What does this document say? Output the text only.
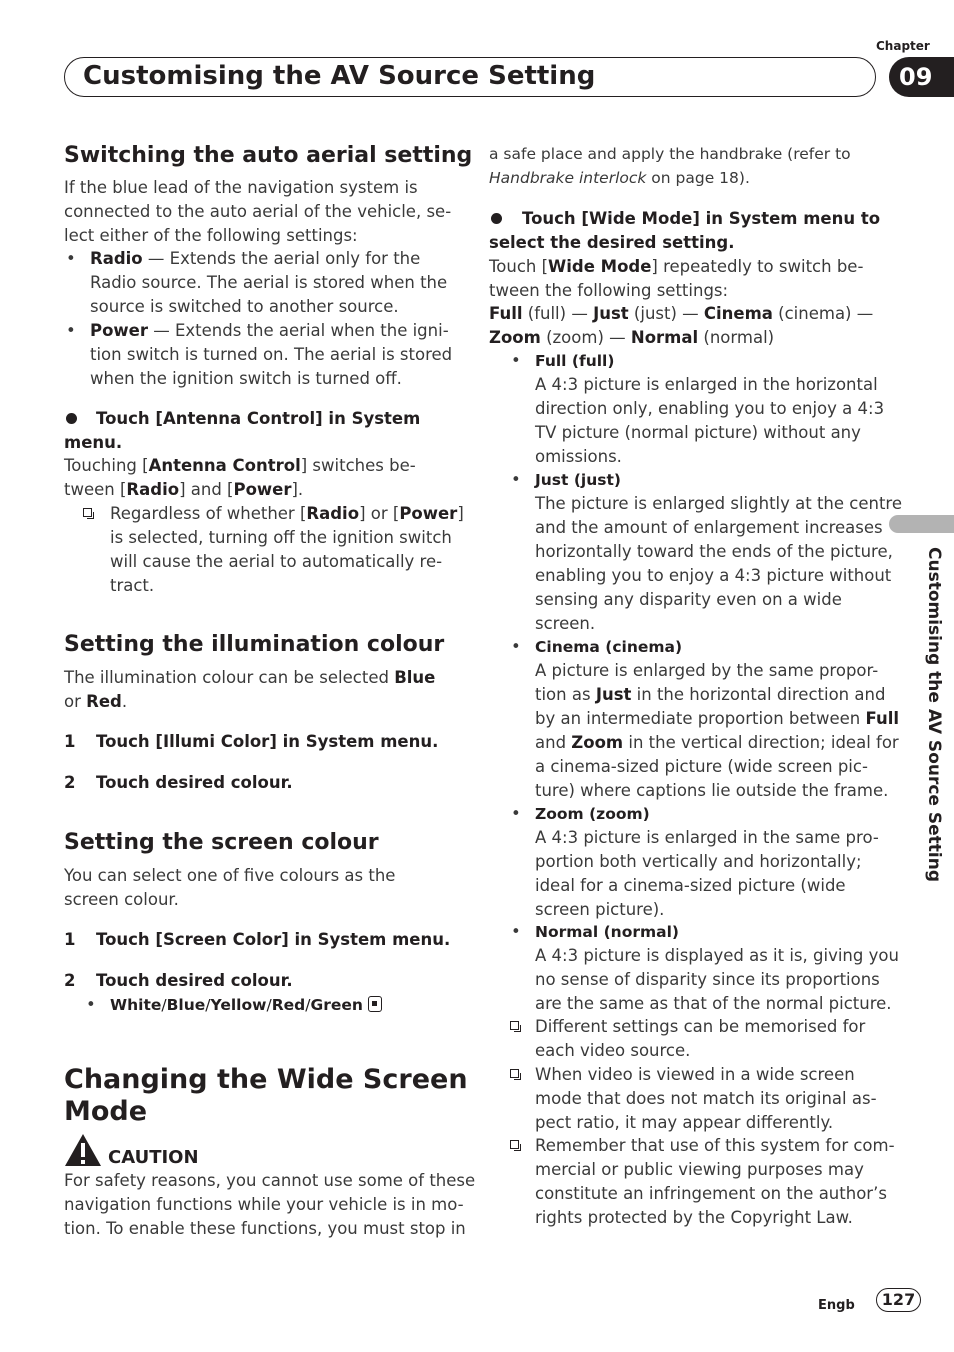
Chapter
09
Customising the AV Source Setting
Customising the AV Source Setting
Switching the auto aerial setting
If the blue lead of the navigation system is
connected to the auto aerial of the vehicle, se-
lect either of the following settings:
• Radio — Extends the aerial only for the
Radio source. The aerial is stored when the
source is switched to another source.
• Power — Extends the aerial when the igni-
tion switch is turned on. The aerial is stored
when the ignition switch is turned off.
Touch [Antenna Control] in System
menu.
Touching [Antenna Control] switches be-
tween [Radio] and [Power].
Regardless of whether [Radio] or [Power]
is selected, turning off the ignition switch
will cause the aerial to automatically re-
tract.
Setting the illumination colour
The illumination colour can be selected Blue
or Red.
1 Touch [Illumi Color] in System menu.
2 Touch desired colour.
Setting the screen colour
You can select one of five colours as the
screen colour.
1 Touch [Screen Color] in System menu.
2 Touch desired colour.
• White/Blue/Yellow/Red/Green
Changing the Wide Screen
Mode
CAUTION
For safety reasons, you cannot use some of these
navigation functions while your vehicle is in mo-
tion. To enable these functions, you must stop in
a safe place and apply the handbrake (refer to
Handbrake interlock on page 18).
Touch [Wide Mode] in System menu to
select the desired setting.
Touch [Wide Mode] repeatedly to switch be-
tween the following settings:
Full (full) — Just (just) — Cinema (cinema) —
Zoom (zoom) — Normal (normal)
• Full (full)
A 4:3 picture is enlarged in the horizontal
direction only, enabling you to enjoy a 4:3
TV picture (normal picture) without any
omissions.
• Just (just)
The picture is enlarged slightly at the centre
and the amount of enlargement increases
horizontally toward the ends of the picture,
enabling you to enjoy a 4:3 picture without
sensing any disparity even on a wide
screen.
• Cinema (cinema)
A picture is enlarged by the same propor-
tion as Just in the horizontal direction and
by an intermediate proportion between Full
and Zoom in the vertical direction; ideal for
a cinema-sized picture (wide screen pic-
ture) where captions lie outside the frame.
• Zoom (zoom)
A 4:3 picture is enlarged in the same pro-
portion both vertically and horizontally;
ideal for a cinema-sized picture (wide
screen picture).
• Normal (normal)
A 4:3 picture is displayed as it is, giving you
no sense of disparity since its proportions
are the same as that of the normal picture.
Different settings can be memorised for
each video source.
When video is viewed in a wide screen
mode that does not match its original as-
pect ratio, it may appear differently.
Remember that use of this system for com-
mercial or public viewing purposes may
constitute an infringement on the author’s
rights protected by the Copyright Law.
Engb	127
